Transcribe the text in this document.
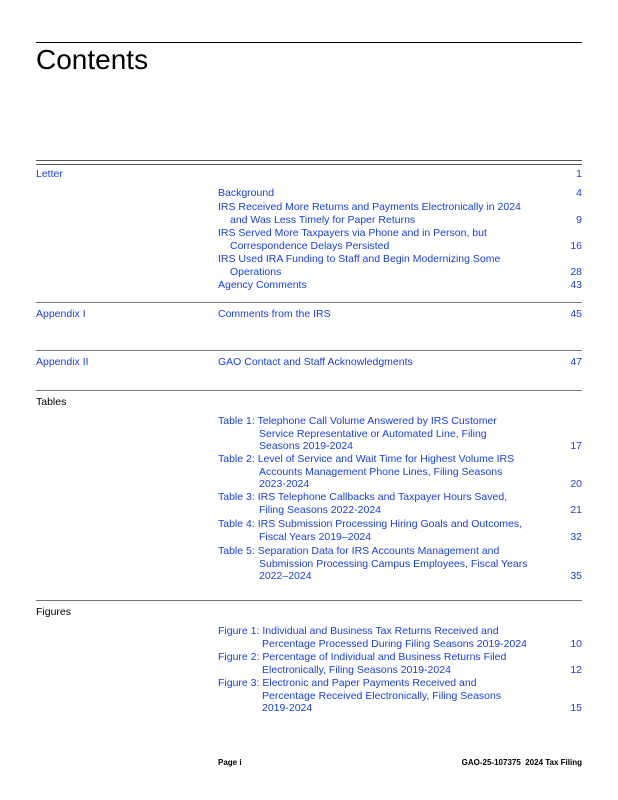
Contents
Letter	1
Background	4
IRS Received More Returns and Payments Electronically in 2024
and Was Less Timely for Paper Returns	9
IRS Served More Taxpayers via Phone and in Person, but
Correspondence Delays Persisted	16
IRS Used IRA Funding to Staff and Begin Modernizing Some
Operations	28
Agency Comments	43
Appendix I	Comments from the IRS	45
Appendix II	GAO Contact and Staff Acknowledgments	47
Tables
Table 1: Telephone Call Volume Answered by IRS Customer
Service Representative or Automated Line, Filing
Seasons 2019-2024	17
Table 2: Level of Service and Wait Time for Highest Volume IRS
Accounts Management Phone Lines, Filing Seasons
2023-2024	20
Table 3: IRS Telephone Callbacks and Taxpayer Hours Saved,
Filing Seasons 2022-2024	21
Table 4: IRS Submission Processing Hiring Goals and Outcomes,
Fiscal Years 2019–2024	32
Table 5: Separation Data for IRS Accounts Management and
Submission Processing Campus Employees, Fiscal Years
2022–2024	35
Figures
Figure 1: Individual and Business Tax Returns Received and
Percentage Processed During Filing Seasons 2019-2024	10
Figure 2: Percentage of Individual and Business Returns Filed
Electronically, Filing Seasons 2019-2024	12
Figure 3: Electronic and Paper Payments Received and
Percentage Received Electronically, Filing Seasons
2019-2024	15
Page i	GAO-25-107375  2024 Tax Filing
